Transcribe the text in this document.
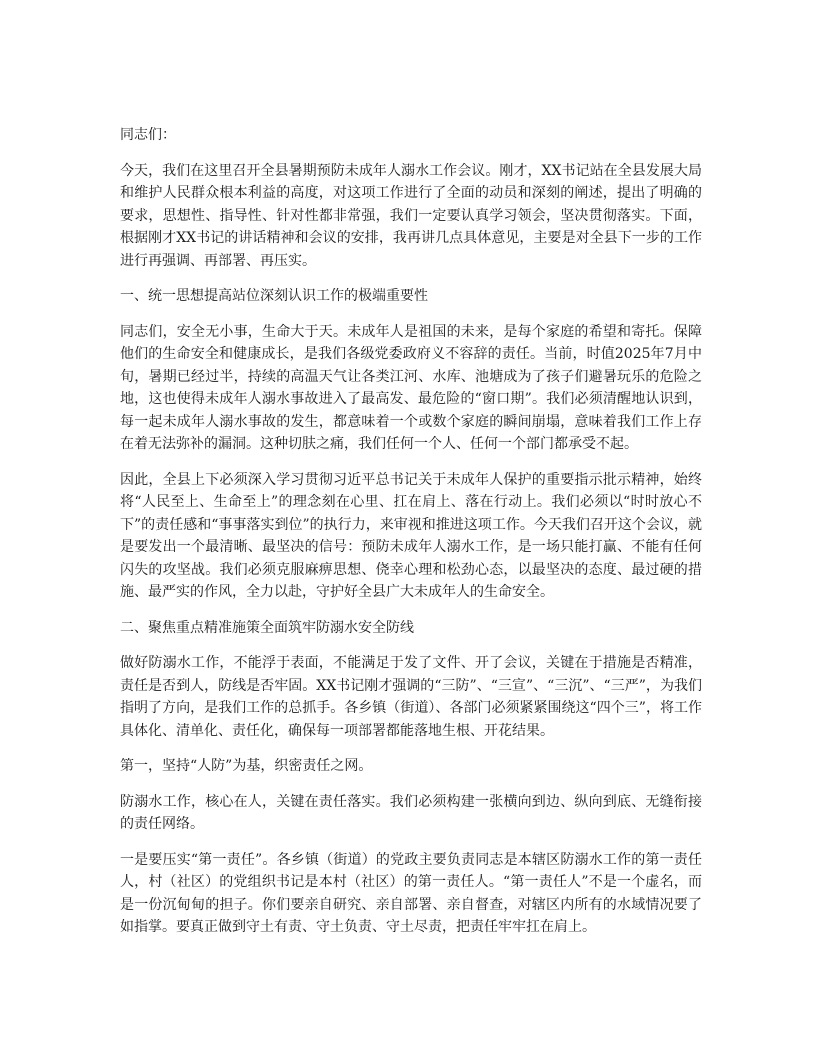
同志们：

今天，我们在这里召开全县暑期预防未成年人溺水工作会议。刚才，XX书记站在全县发展大局和维护人民群众根本利益的高度，对这项工作进行了全面的动员和深刻的阐述，提出了明确的要求，思想性、指导性、针对性都非常强，我们一定要认真学习领会，坚决贯彻落实。下面，根据刚才XX书记的讲话精神和会议的安排，我再讲几点具体意见，主要是对全县下一步的工作进行再强调、再部署、再压实。

一、统一思想提高站位深刻认识工作的极端重要性

同志们，安全无小事，生命大于天。未成年人是祖国的未来，是每个家庭的希望和寄托。保障他们的生命安全和健康成长，是我们各级党委政府义不容辞的责任。当前，时值2025年7月中旬，暑期已经过半，持续的高温天气让各类江河、水库、池塘成为了孩子们避暑玩乐的危险之地，这也使得未成年人溺水事故进入了最高发、最危险的“窗口期”。我们必须清醒地认识到，每一起未成年人溺水事故的发生，都意味着一个或数个家庭的瞬间崩塌，意味着我们工作上存在着无法弥补的漏洞。这种切肤之痛，我们任何一个人、任何一个部门都承受不起。

因此，全县上下必须深入学习贯彻习近平总书记关于未成年人保护的重要指示批示精神，始终将“人民至上、生命至上”的理念刻在心里、扛在肩上、落在行动上。我们必须以“时时放心不下”的责任感和“事事落实到位”的执行力，来审视和推进这项工作。今天我们召开这个会议，就是要发出一个最清晰、最坚决的信号：预防未成年人溺水工作，是一场只能打赢、不能有任何闪失的攻坚战。我们必须克服麻痹思想、侥幸心理和松劲心态，以最坚决的态度、最过硬的措施、最严实的作风，全力以赴，守护好全县广大未成年人的生命安全。

二、聚焦重点精准施策全面筑牢防溺水安全防线

做好防溺水工作，不能浮于表面，不能满足于发了文件、开了会议，关键在于措施是否精准，责任是否到人，防线是否牢固。XX书记刚才强调的“三防”、“三宣”、“三沉”、“三严”，为我们指明了方向，是我们工作的总抓手。各乡镇（街道）、各部门必须紧紧围绕这“四个三”，将工作具体化、清单化、责任化，确保每一项部署都能落地生根、开花结果。

第一，坚持“人防”为基，织密责任之网。

防溺水工作，核心在人，关键在责任落实。我们必须构建一张横向到边、纵向到底、无缝衔接的责任网络。

一是要压实“第一责任”。各乡镇（街道）的党政主要负责同志是本辖区防溺水工作的第一责任人，村（社区）的党组织书记是本村（社区）的第一责任人。“第一责任人”不是一个虚名，而是一份沉甸甸的担子。你们要亲自研究、亲自部署、亲自督查，对辖区内所有的水域情况要了如指掌。要真正做到守土有责、守土负责、守土尽责，把责任牢牢扛在肩上。
